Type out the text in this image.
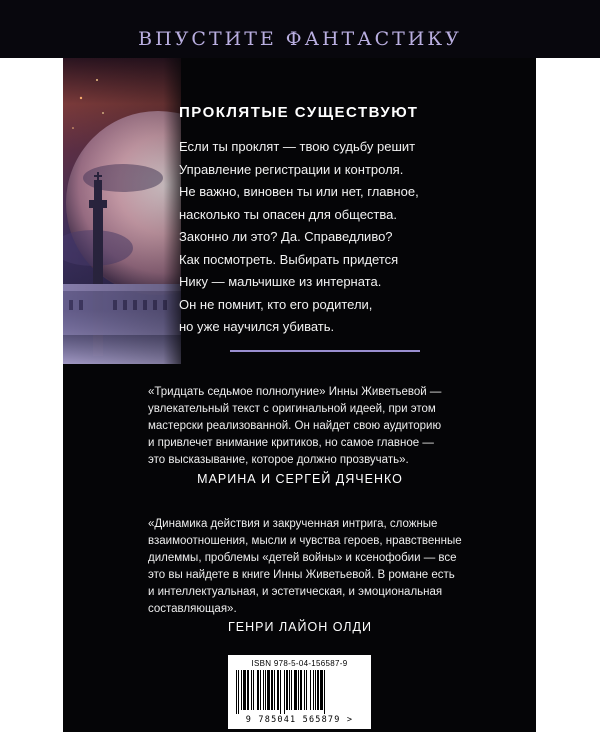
ВПУСТИТЕ ФАНТАСТИКУ
ПРОКЛЯТЫЕ СУЩЕСТВУЮТ
Если ты проклят — твою судьбу решит
Управление регистрации и контроля.
Не важно, виновен ты или нет, главное,
насколько ты опасен для общества.
Законно ли это? Да. Справедливо?
Как посмотреть. Выбирать придется
Нику — мальчишке из интерната.
Он не помнит, кто его родители,
но уже научился убивать.
«Тридцать седьмое полнолуние» Инны Живетьевой —
увлекательный текст с оригинальной идеей, при этом
мастерски реализованной. Он найдет свою аудиторию
и привлечет внимание критиков, но самое главное —
это высказывание, которое должно прозвучать».
МАРИНА И СЕРГЕЙ ДЯЧЕНКО
«Динамика действия и закрученная интрига, сложные
взаимоотношения, мысли и чувства героев, нравственные
дилеммы, проблемы «детей войны» и ксенофобии — все
это вы найдете в книге Инны Живетьевой. В романе есть
и интеллектуальная, и эстетическая, и эмоциональная
составляющая».
ГЕНРИ ЛАЙОН ОЛДИ
ISBN 978-5-04-156587-9
9 785041 565879 >
